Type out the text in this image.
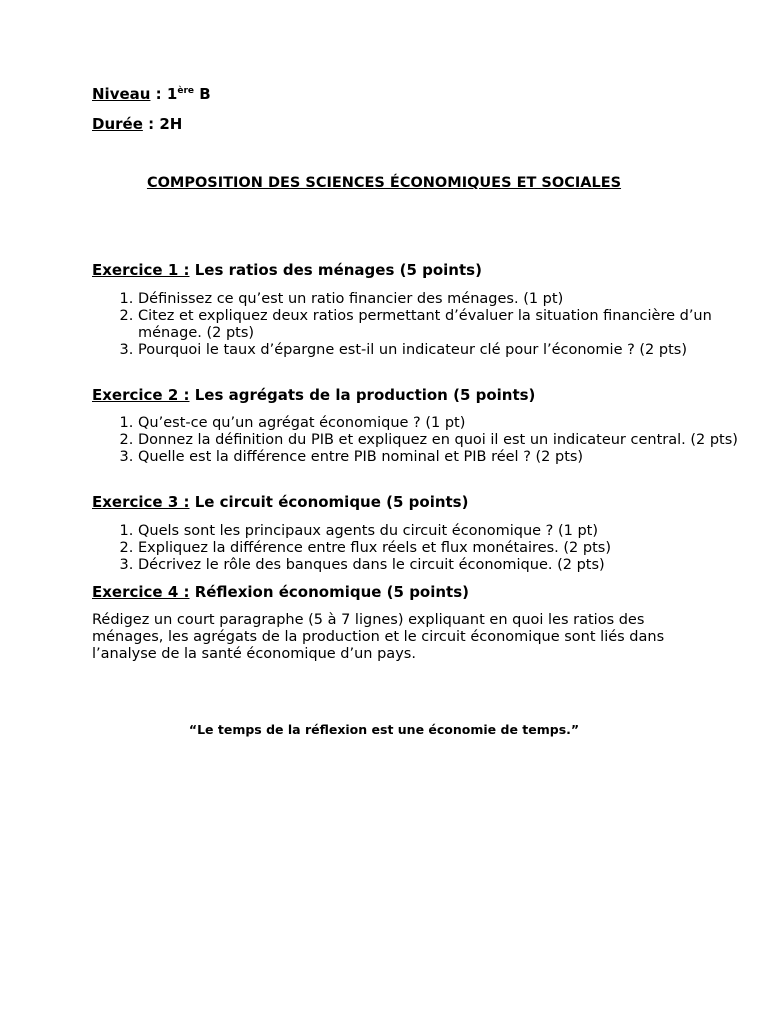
Niveau : 1ère B
Durée : 2H
COMPOSITION DES SCIENCES ÉCONOMIQUES ET SOCIALES
Exercice 1 : Les ratios des ménages (5 points)
1. Définissez ce qu’est un ratio financier des ménages. (1 pt)
2. Citez et expliquez deux ratios permettant d’évaluer la situation financière d’un ménage. (2 pts)
3. Pourquoi le taux d’épargne est-il un indicateur clé pour l’économie ? (2 pts)
Exercice 2 : Les agrégats de la production (5 points)
1. Qu’est-ce qu’un agrégat économique ? (1 pt)
2. Donnez la définition du PIB et expliquez en quoi il est un indicateur central. (2 pts)
3. Quelle est la différence entre PIB nominal et PIB réel ? (2 pts)
Exercice 3 : Le circuit économique (5 points)
1. Quels sont les principaux agents du circuit économique ? (1 pt)
2. Expliquez la différence entre flux réels et flux monétaires. (2 pts)
3. Décrivez le rôle des banques dans le circuit économique. (2 pts)
Exercice 4 : Réflexion économique (5 points)

Rédigez un court paragraphe (5 à 7 lignes) expliquant en quoi les ratios des ménages, les agrégats de la production et le circuit économique sont liés dans l’analyse de la santé économique d’un pays.

“Le temps de la réflexion est une économie de temps.”
